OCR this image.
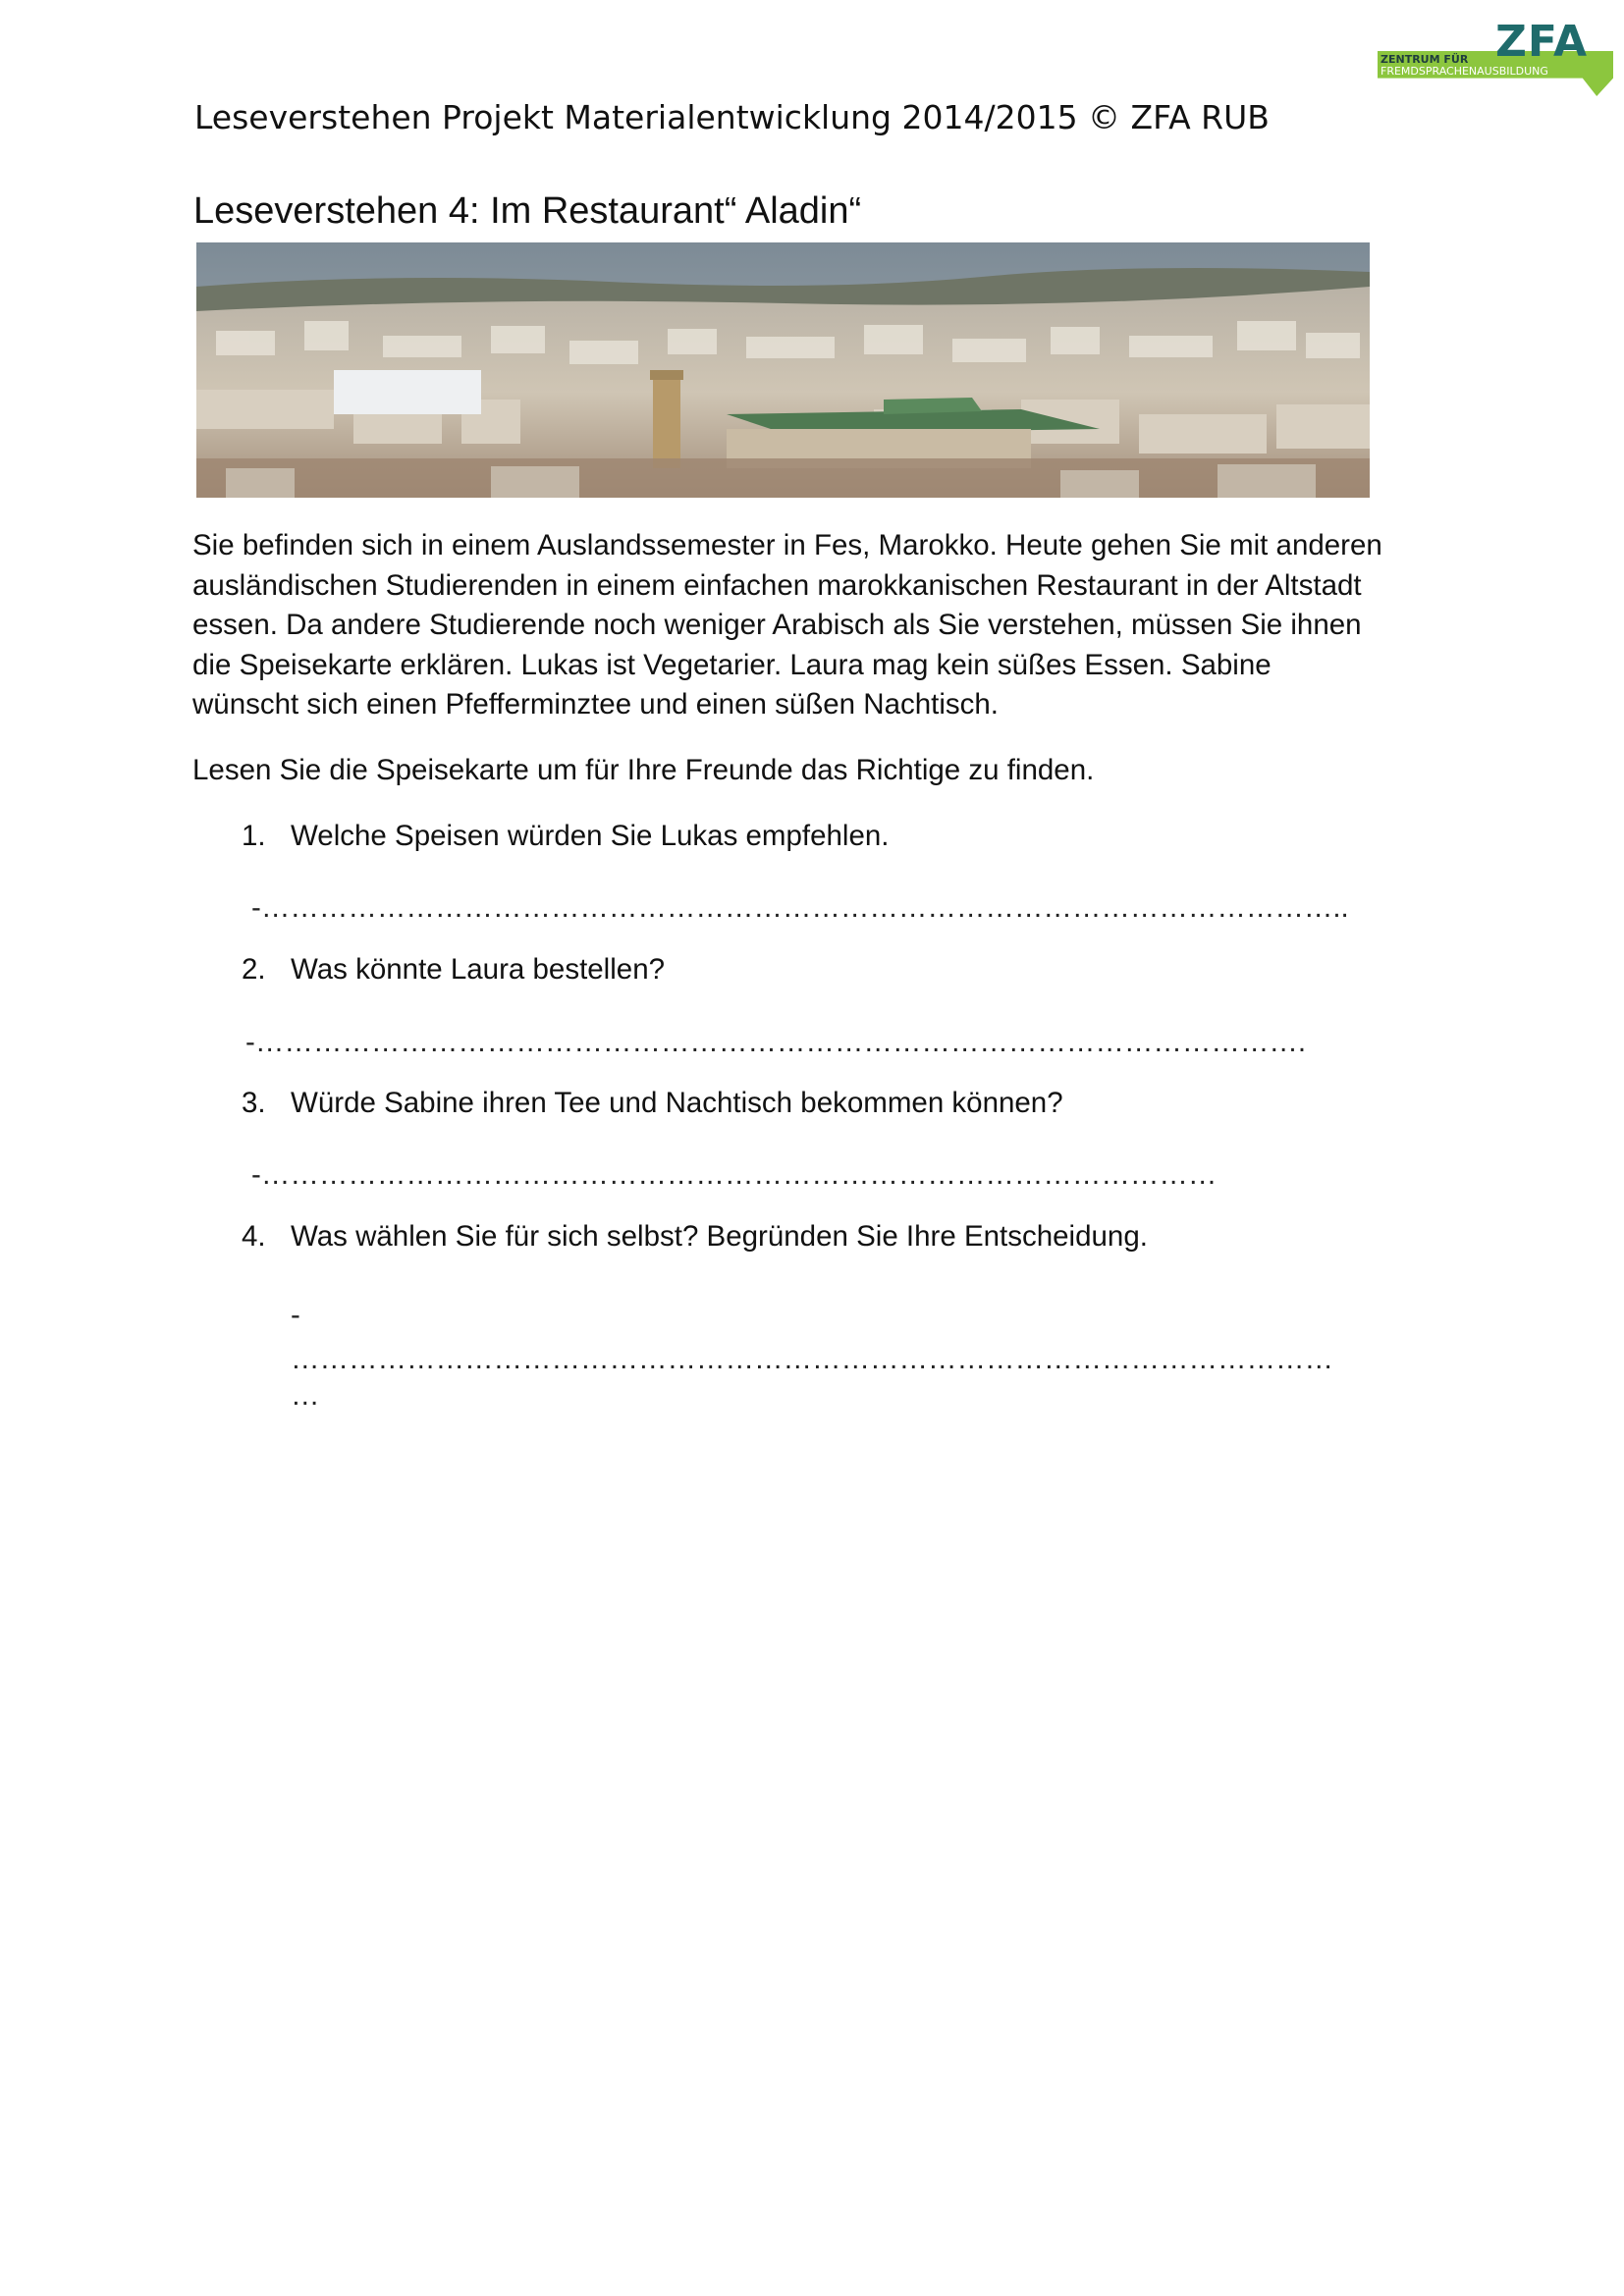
ZFA
ZENTRUM FÜR
FREMDSPRACHENAUSBILDUNG
Leseverstehen Projekt Materialentwicklung 2014/2015 © ZFA RUB
Leseverstehen 4: Im Restaurant“ Aladin“
Sie befinden sich in einem Auslandssemester in Fes, Marokko. Heute gehen Sie mit anderen
ausländischen Studierenden in einem einfachen marokkanischen Restaurant in der Altstadt
essen. Da andere Studierende noch weniger Arabisch als Sie verstehen, müssen Sie ihnen
die Speisekarte erklären. Lukas ist Vegetarier. Laura mag kein süßes Essen. Sabine
wünscht sich einen Pfefferminztee und einen süßen Nachtisch.
Lesen Sie die Speisekarte um für Ihre Freunde das Richtige zu finden.
1. Welche Speisen würden Sie Lukas empfehlen.
-…………………………………………………………………………………………………..
2. Was könnte Laura bestellen?
-……………………………………………………………………………………………….
3. Würde Sabine ihren Tee und Nachtisch bekommen können?
-………………………………………………………………………………………
4. Was wählen Sie für sich selbst? Begründen Sie Ihre Entscheidung.
-
………………………………………………………………………………………………
…
